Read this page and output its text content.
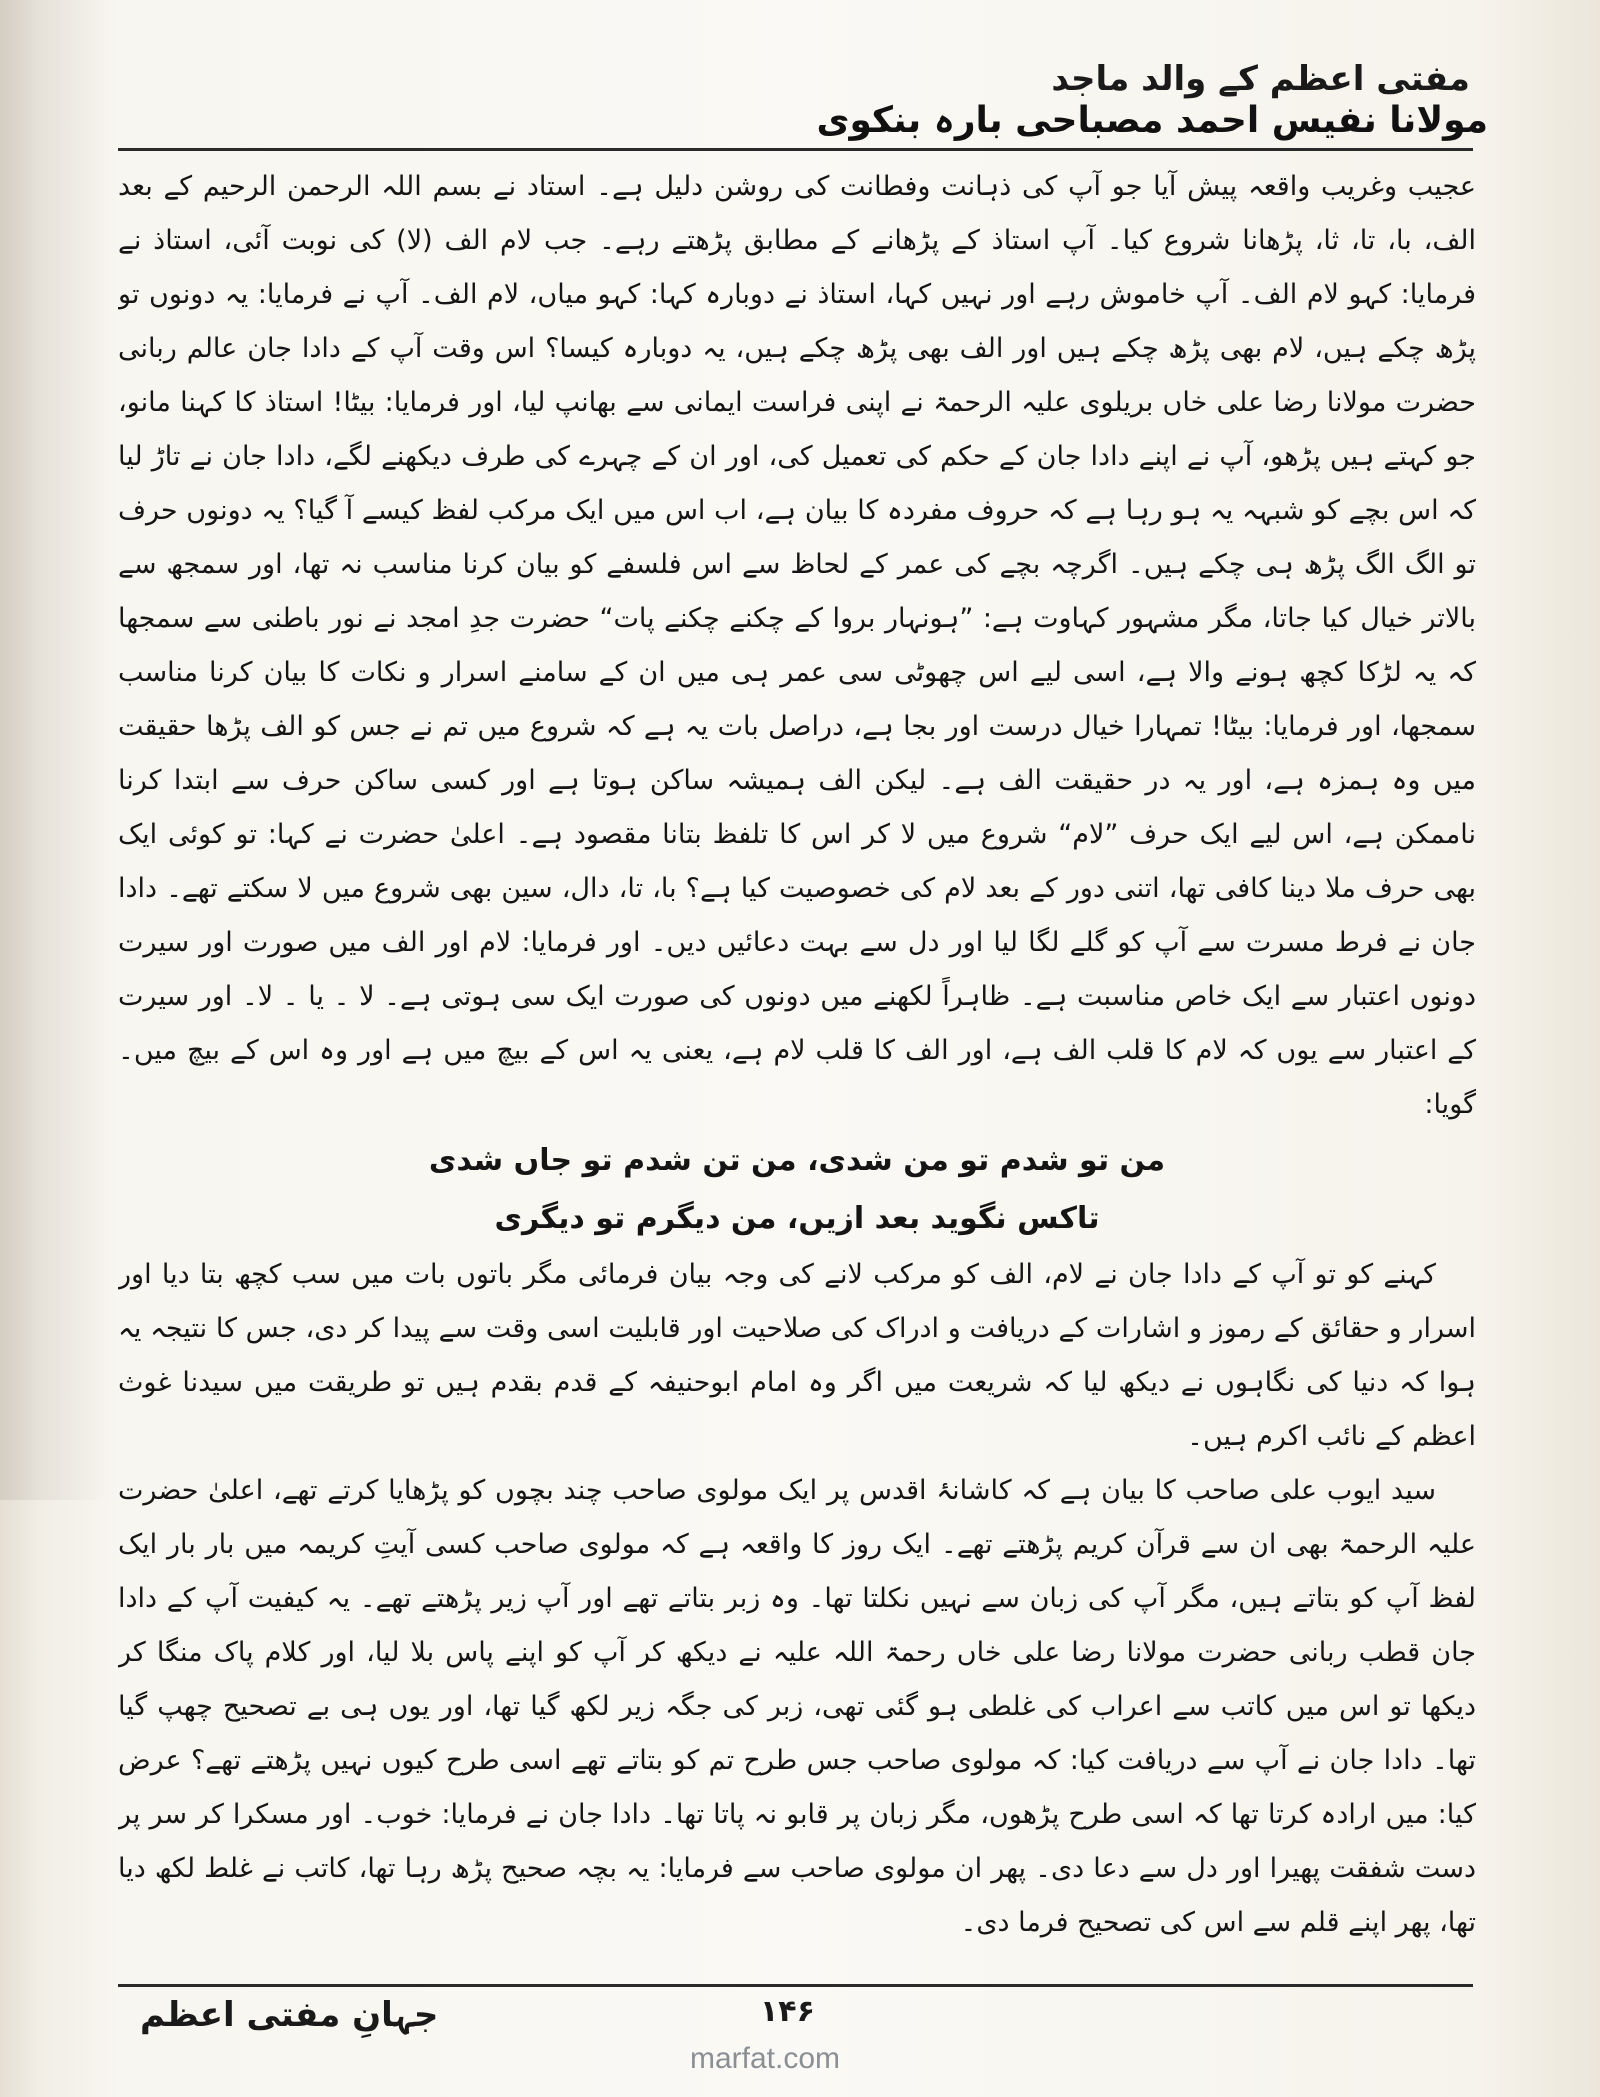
مفتی اعظم کے والد ماجد
مولانا نفیس احمد مصباحی بارہ بنکوی

عجیب وغریب واقعہ پیش آیا جو آپ کی ذہانت وفطانت کی روشن دلیل ہے۔ استاد نے بسم اللہ الرحمن الرحیم کے بعد الف، با، تا، ثا، پڑھانا شروع کیا۔ آپ استاذ کے پڑھانے کے مطابق پڑھتے رہے۔ جب لام الف (لا) کی نوبت آئی، استاذ نے فرمایا: کہو لام الف۔ آپ خاموش رہے اور نہیں کہا، استاذ نے دوبارہ کہا: کہو میاں، لام الف۔ آپ نے فرمایا: یہ دونوں تو پڑھ چکے ہیں، لام بھی پڑھ چکے ہیں اور الف بھی پڑھ چکے ہیں، یہ دوبارہ کیسا؟ اس وقت آپ کے دادا جان عالم ربانی حضرت مولانا رضا علی خاں بریلوی علیہ الرحمۃ نے اپنی فراست ایمانی سے بھانپ لیا، اور فرمایا: بیٹا! استاذ کا کہنا مانو، جو کہتے ہیں پڑھو، آپ نے اپنے دادا جان کے حکم کی تعمیل کی، اور ان کے چہرے کی طرف دیکھنے لگے، دادا جان نے تاڑ لیا کہ اس بچے کو شبہہ یہ ہو رہا ہے کہ حروف مفردہ کا بیان ہے، اب اس میں ایک مرکب لفظ کیسے آ گیا؟ یہ دونوں حرف تو الگ الگ پڑھ ہی چکے ہیں۔ اگرچہ بچے کی عمر کے لحاظ سے اس فلسفے کو بیان کرنا مناسب نہ تھا، اور سمجھ سے بالاتر خیال کیا جاتا، مگر مشہور کہاوت ہے: ”ہونہار بروا کے چکنے چکنے پات“ حضرت جدِ امجد نے نور باطنی سے سمجھا کہ یہ لڑکا کچھ ہونے والا ہے، اسی لیے اس چھوٹی سی عمر ہی میں ان کے سامنے اسرار و نکات کا بیان کرنا مناسب سمجھا، اور فرمایا: بیٹا! تمہارا خیال درست اور بجا ہے، دراصل بات یہ ہے کہ شروع میں تم نے جس کو الف پڑھا حقیقت میں وہ ہمزہ ہے، اور یہ در حقیقت الف ہے۔ لیکن الف ہمیشہ ساکن ہوتا ہے اور کسی ساکن حرف سے ابتدا کرنا ناممکن ہے، اس لیے ایک حرف ”لام“ شروع میں لا کر اس کا تلفظ بتانا مقصود ہے۔ اعلیٰ حضرت نے کہا: تو کوئی ایک بھی حرف ملا دینا کافی تھا، اتنی دور کے بعد لام کی خصوصیت کیا ہے؟ با، تا، دال، سین بھی شروع میں لا سکتے تھے۔ دادا جان نے فرط مسرت سے آپ کو گلے لگا لیا اور دل سے بہت دعائیں دیں۔ اور فرمایا: لام اور الف میں صورت اور سیرت دونوں اعتبار سے ایک خاص مناسبت ہے۔ ظاہراً لکھنے میں دونوں کی صورت ایک سی ہوتی ہے۔ لا ۔ یا ۔ لا۔ اور سیرت کے اعتبار سے یوں کہ لام کا قلب الف ہے، اور الف کا قلب لام ہے، یعنی یہ اس کے بیچ میں ہے اور وہ اس کے بیچ میں۔ گویا:

من تو شدم تو من شدی، من تن شدم تو جاں شدی

تاکس نگوید بعد ازیں، من دیگرم تو دیگری

کہنے کو تو آپ کے دادا جان نے لام، الف کو مرکب لانے کی وجہ بیان فرمائی مگر باتوں بات میں سب کچھ بتا دیا اور اسرار و حقائق کے رموز و اشارات کے دریافت و ادراک کی صلاحیت اور قابلیت اسی وقت سے پیدا کر دی، جس کا نتیجہ یہ ہوا کہ دنیا کی نگاہوں نے دیکھ لیا کہ شریعت میں اگر وہ امام ابوحنیفہ کے قدم بقدم ہیں تو طریقت میں سیدنا غوث اعظم کے نائب اکرم ہیں۔

سید ایوب علی صاحب کا بیان ہے کہ کاشانۂ اقدس پر ایک مولوی صاحب چند بچوں کو پڑھایا کرتے تھے، اعلیٰ حضرت علیہ الرحمۃ بھی ان سے قرآن کریم پڑھتے تھے۔ ایک روز کا واقعہ ہے کہ مولوی صاحب کسی آیتِ کریمہ میں بار بار ایک لفظ آپ کو بتاتے ہیں، مگر آپ کی زبان سے نہیں نکلتا تھا۔ وہ زبر بتاتے تھے اور آپ زیر پڑھتے تھے۔ یہ کیفیت آپ کے دادا جان قطب ربانی حضرت مولانا رضا علی خاں رحمۃ اللہ علیہ نے دیکھ کر آپ کو اپنے پاس بلا لیا، اور کلام پاک منگا کر دیکھا تو اس میں کاتب سے اعراب کی غلطی ہو گئی تھی، زبر کی جگہ زیر لکھ گیا تھا، اور یوں ہی بے تصحیح چھپ گیا تھا۔ دادا جان نے آپ سے دریافت کیا: کہ مولوی صاحب جس طرح تم کو بتاتے تھے اسی طرح کیوں نہیں پڑھتے تھے؟ عرض کیا: میں ارادہ کرتا تھا کہ اسی طرح پڑھوں، مگر زبان پر قابو نہ پاتا تھا۔ دادا جان نے فرمایا: خوب۔ اور مسکرا کر سر پر دست شفقت پھیرا اور دل سے دعا دی۔ پھر ان مولوی صاحب سے فرمایا: یہ بچہ صحیح پڑھ رہا تھا، کاتب نے غلط لکھ دیا تھا، پھر اپنے قلم سے اس کی تصحیح فرما دی۔

جہانِ مفتی اعظم	۱۴۶
marfat.com
